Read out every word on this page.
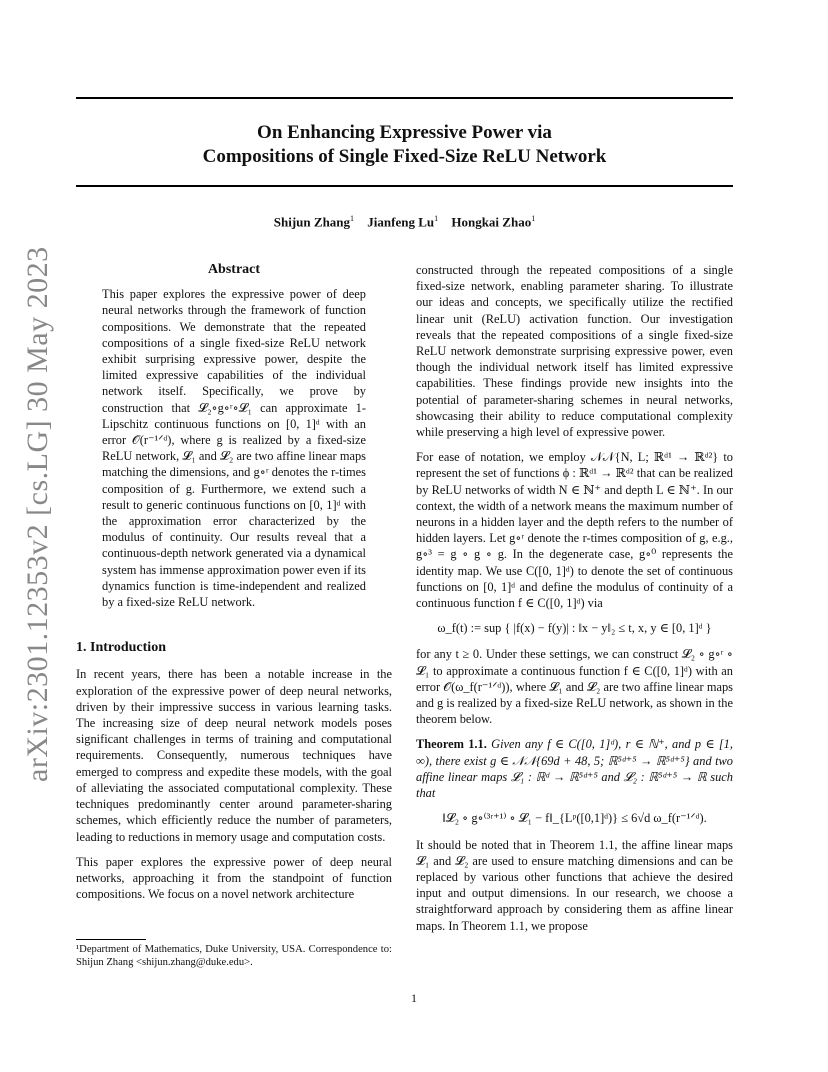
arXiv:2301.12353v2 [cs.LG] 30 May 2023
On Enhancing Expressive Power via
Compositions of Single Fixed-Size ReLU Network
Shijun Zhang$^1$ Jianfeng Lu$^1$ Hongkai Zhao$^1$
Abstract

This paper explores the expressive power of deep neural networks through the framework of function compositions. We demonstrate that the repeated compositions of a single fixed-size ReLU network exhibit surprising expressive power, despite the limited expressive capabilities of the individual network itself. Specifically, we prove by construction that 𝓛₂∘g∘ʳ∘𝓛₁ can approximate 1-Lipschitz continuous functions on [0, 1]ᵈ with an error 𝒪(r⁻¹ᐟᵈ), where g is realized by a fixed-size ReLU network, 𝓛₁ and 𝓛₂ are two affine linear maps matching the dimensions, and g∘ʳ denotes the r-times composition of g. Furthermore, we extend such a result to generic continuous functions on [0, 1]ᵈ with the approximation error characterized by the modulus of continuity. Our results reveal that a continuous-depth network generated via a dynamical system has immense approximation power even if its dynamics function is time-independent and realized by a fixed-size ReLU network.

1. Introduction

In recent years, there has been a notable increase in the exploration of the expressive power of deep neural networks, driven by their impressive success in various learning tasks. The increasing size of deep neural network models poses significant challenges in terms of training and computational requirements. Consequently, numerous techniques have emerged to compress and expedite these models, with the goal of alleviating the associated computational complexity. These techniques predominantly center around parameter-sharing schemes, which efficiently reduce the number of parameters, leading to reductions in memory usage and computation costs.

This paper explores the expressive power of deep neural networks, approaching it from the standpoint of function compositions. We focus on a novel network architecture

constructed through the repeated compositions of a single fixed-size network, enabling parameter sharing. To illustrate our ideas and concepts, we specifically utilize the rectified linear unit (ReLU) activation function. Our investigation reveals that the repeated compositions of a single fixed-size ReLU network demonstrate surprising expressive power, even though the individual network itself has limited expressive capabilities. These findings provide new insights into the potential of parameter-sharing schemes in neural networks, showcasing their ability to reduce computational complexity while preserving a high level of expressive power.

For ease of notation, we employ 𝒩𝒩{N, L; ℝᵈ¹ → ℝᵈ²} to represent the set of functions ϕ : ℝᵈ¹ → ℝᵈ² that can be realized by ReLU networks of width N ∈ ℕ⁺ and depth L ∈ ℕ⁺. In our context, the width of a network means the maximum number of neurons in a hidden layer and the depth refers to the number of hidden layers. Let g∘ʳ denote the r-times composition of g, e.g., g∘³ = g ∘ g ∘ g. In the degenerate case, g∘⁰ represents the identity map. We use C([0, 1]ᵈ) to denote the set of continuous functions on [0, 1]ᵈ and define the modulus of continuity of a continuous function f ∈ C([0, 1]ᵈ) via

ω_f(t) := sup { |f(x) − f(y)| : ‖x − y‖₂ ≤ t, x, y ∈ [0, 1]ᵈ }

for any t ≥ 0. Under these settings, we can construct 𝓛₂ ∘ g∘ʳ ∘ 𝓛₁ to approximate a continuous function f ∈ C([0, 1]ᵈ) with an error 𝒪(ω_f(r⁻¹ᐟᵈ)), where 𝓛₁ and 𝓛₂ are two affine linear maps and g is realized by a fixed-size ReLU network, as shown in the theorem below.

Theorem 1.1. Given any f ∈ C([0, 1]ᵈ), r ∈ ℕ⁺, and p ∈ [1, ∞), there exist g ∈ 𝒩𝒩{69d + 48, 5; ℝ⁵ᵈ⁺⁵ → ℝ⁵ᵈ⁺⁵} and two affine linear maps 𝓛₁ : ℝᵈ → ℝ⁵ᵈ⁺⁵ and 𝓛₂ : ℝ⁵ᵈ⁺⁵ → ℝ such that

‖𝓛₂ ∘ g∘⁽³ʳ⁺¹⁾ ∘ 𝓛₁ − f‖_{Lᵖ([0,1]ᵈ)} ≤ 6√d ω_f(r⁻¹ᐟᵈ).

It should be noted that in Theorem 1.1, the affine linear maps 𝓛₁ and 𝓛₂ are used to ensure matching dimensions and can be replaced by various other functions that achieve the desired input and output dimensions. In our research, we choose a straightforward approach by considering them as affine linear maps. In Theorem 1.1, we propose

¹Department of Mathematics, Duke University, USA. Correspondence to: Shijun Zhang <shijun.zhang@duke.edu>.
1
